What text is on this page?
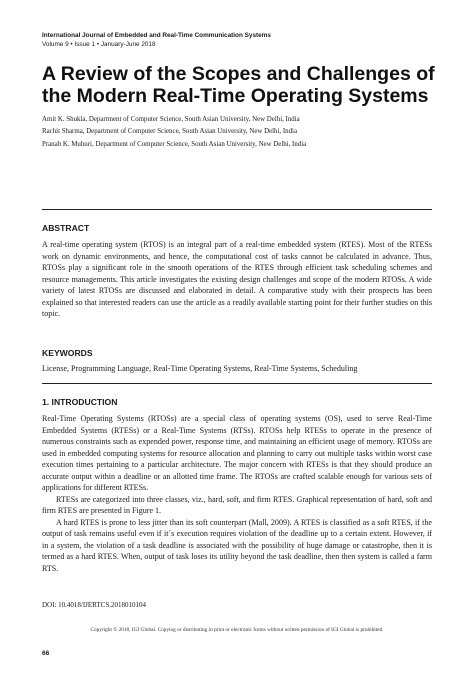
International Journal of Embedded and Real-Time Communication Systems
Volume 9 • Issue 1 • January-June 2018
A Review of the Scopes and Challenges of
the Modern Real-Time Operating Systems
Amit K. Shukla, Department of Computer Science, South Asian University, New Delhi, India
Rachit Sharma, Department of Computer Science, South Asian University, New Delhi, India
Pranab K. Muhuri, Department of Computer Science, South Asian University, New Delhi, India
ABSTRACT

A real-time operating system (RTOS) is an integral part of a real-time embedded system (RTES). Most of the RTESs work on dynamic environments, and hence, the computational cost of tasks cannot be calculated in advance. Thus, RTOSs play a significant role in the smooth operations of the RTES through efficient task scheduling schemes and resource managements. This article investigates the existing design challenges and scope of the modern RTOSs. A wide variety of latest RTOSs are discussed and elaborated in detail. A comparative study with their prospects has been explained so that interested readers can use the article as a readily available starting point for their further studies on this topic.

KEYWORDS

License, Programming Language, Real-Time Operating Systems, Real-Time Systems, Scheduling

1. INTRODUCTION

Real-Time Operating Systems (RTOSs) are a special class of operating systems (OS), used to serve Real-Time Embedded Systems (RTESs) or a Real-Time Systems (RTSs). RTOSs help RTESs to operate in the presence of numerous constraints such as expended power, response time, and maintaining an efficient usage of memory. RTOSs are used in embedded computing systems for resource allocation and planning to carry out multiple tasks within worst case execution times pertaining to a particular architecture. The major concern with RTESs is that they should produce an accurate output within a deadline or an allotted time frame. The RTOSs are crafted scalable enough for various sets of applications for different RTESs.

RTESs are categorized into three classes, viz., hard, soft, and firm RTES. Graphical representation of hard, soft and firm RTES are presented in Figure 1.

A hard RTES is prone to less jitter than its soft counterpart (Mall, 2009). A RTES is classified as a soft RTES, if the output of task remains useful even if it´s execution requires violation of the deadline up to a certain extent. However, if in a system, the violation of a task deadline is associated with the possibility of huge damage or catastrophe, then it is termed as a hard RTES. When, output of task loses its utility beyond the task deadline, then then system is called a farm RTS.

DOI: 10.4018/IJERTCS.2018010104
Copyright © 2018, IGI Global. Copying or distributing in print or electronic forms without written permission of IGI Global is prohibited.
66
